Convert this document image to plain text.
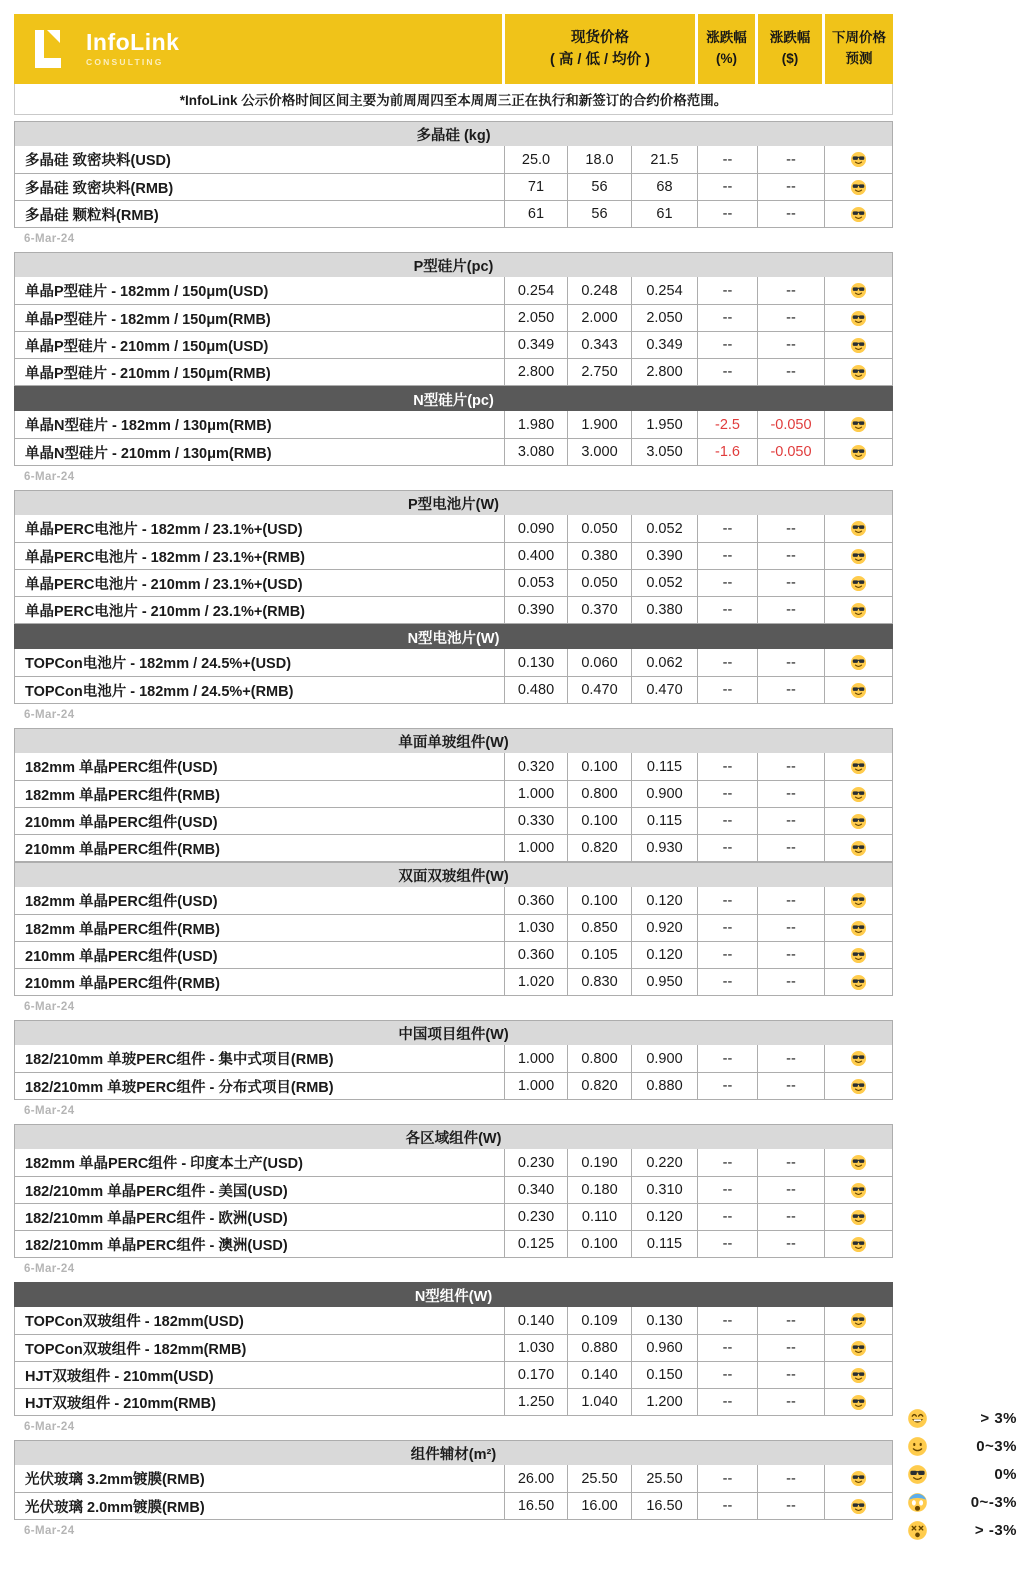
InfoLink
CONSULTING
现货价格
( 高 / 低 / 均价 )
涨跌幅
(%)
涨跌幅
($)
下周价格
预测
*InfoLink 公示价格时间区间主要为前周周四至本周周三正在执行和新签订的合约价格范围。
多晶硅 (kg)
多晶硅 致密块料(USD)	25.0	18.0	21.5	--	--
多晶硅 致密块料(RMB)	71	56	68	--	--
多晶硅 颗粒料(RMB)	61	56	61	--	--
6-Mar-24
P型硅片(pc)
单晶P型硅片 - 182mm / 150μm(USD)	0.254	0.248	0.254	--	--
单晶P型硅片 - 182mm / 150μm(RMB)	2.050	2.000	2.050	--	--
单晶P型硅片 - 210mm / 150μm(USD)	0.349	0.343	0.349	--	--
单晶P型硅片 - 210mm / 150μm(RMB)	2.800	2.750	2.800	--	--
N型硅片(pc)
单晶N型硅片 - 182mm / 130μm(RMB)	1.980	1.900	1.950	-2.5	-0.050
单晶N型硅片 - 210mm / 130μm(RMB)	3.080	3.000	3.050	-1.6	-0.050
6-Mar-24
P型电池片(W)
单晶PERC电池片 - 182mm / 23.1%+(USD)	0.090	0.050	0.052	--	--
单晶PERC电池片 - 182mm / 23.1%+(RMB)	0.400	0.380	0.390	--	--
单晶PERC电池片 - 210mm / 23.1%+(USD)	0.053	0.050	0.052	--	--
单晶PERC电池片 - 210mm / 23.1%+(RMB)	0.390	0.370	0.380	--	--
N型电池片(W)
TOPCon电池片 - 182mm / 24.5%+(USD)	0.130	0.060	0.062	--	--
TOPCon电池片 - 182mm / 24.5%+(RMB)	0.480	0.470	0.470	--	--
6-Mar-24
单面单玻组件(W)
182mm 单晶PERC组件(USD)	0.320	0.100	0.115	--	--
182mm 单晶PERC组件(RMB)	1.000	0.800	0.900	--	--
210mm 单晶PERC组件(USD)	0.330	0.100	0.115	--	--
210mm 单晶PERC组件(RMB)	1.000	0.820	0.930	--	--
双面双玻组件(W)
182mm 单晶PERC组件(USD)	0.360	0.100	0.120	--	--
182mm 单晶PERC组件(RMB)	1.030	0.850	0.920	--	--
210mm 单晶PERC组件(USD)	0.360	0.105	0.120	--	--
210mm 单晶PERC组件(RMB)	1.020	0.830	0.950	--	--
6-Mar-24
中国项目组件(W)
182/210mm 单玻PERC组件 - 集中式项目(RMB)	1.000	0.800	0.900	--	--
182/210mm 单玻PERC组件 - 分布式项目(RMB)	1.000	0.820	0.880	--	--
6-Mar-24
各区域组件(W)
182mm 单晶PERC组件 - 印度本土产(USD)	0.230	0.190	0.220	--	--
182/210mm 单晶PERC组件 - 美国(USD)	0.340	0.180	0.310	--	--
182/210mm 单晶PERC组件 - 欧洲(USD)	0.230	0.110	0.120	--	--
182/210mm 单晶PERC组件 - 澳洲(USD)	0.125	0.100	0.115	--	--
6-Mar-24
N型组件(W)
TOPCon双玻组件 - 182mm(USD)	0.140	0.109	0.130	--	--
TOPCon双玻组件 - 182mm(RMB)	1.030	0.880	0.960	--	--
HJT双玻组件 - 210mm(USD)	0.170	0.140	0.150	--	--
HJT双玻组件 - 210mm(RMB)	1.250	1.040	1.200	--	--
6-Mar-24
组件辅材(m²)
光伏玻璃 3.2mm镀膜(RMB)	26.00	25.50	25.50	--	--
光伏玻璃 2.0mm镀膜(RMB)	16.50	16.00	16.50	--	--
6-Mar-24
> 3%
0~3%
0%
0~-3%
> -3%
